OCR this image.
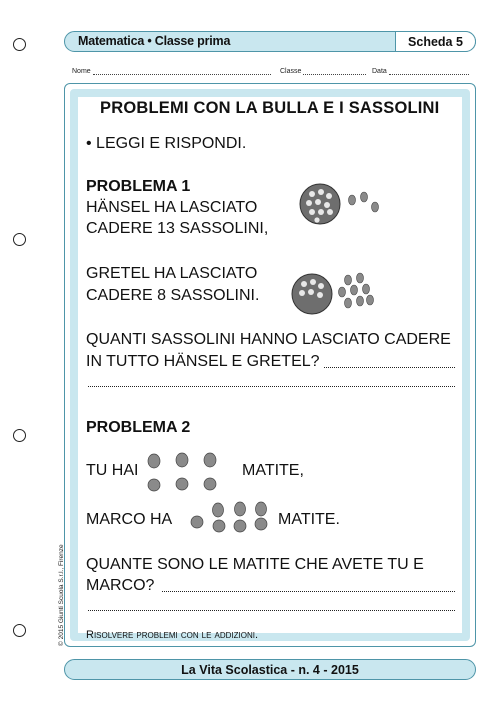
Matematica • Classe prima	Scheda 5
Nome	Classe	Data
PROBLEMI CON LA BULLA E I SASSOLINI
• LEGGI E RISPONDI.
PROBLEMA 1
HÄNSEL HA LASCIATO
CADERE 13 SASSOLINI,
GRETEL HA LASCIATO
CADERE 8 SASSOLINI.
QUANTI SASSOLINI HANNO LASCIATO CADERE
IN TUTTO HÄNSEL E GRETEL?
PROBLEMA 2
TU HAI	MATITE,
MARCO HA	MATITE.
QUANTE SONO LE MATITE CHE AVETE TU E
MARCO?
Risolvere problemi con le addizioni.
© 2015 Giunti Scuola S.r.l., Firenze
La Vita Scolastica - n. 4 - 2015
